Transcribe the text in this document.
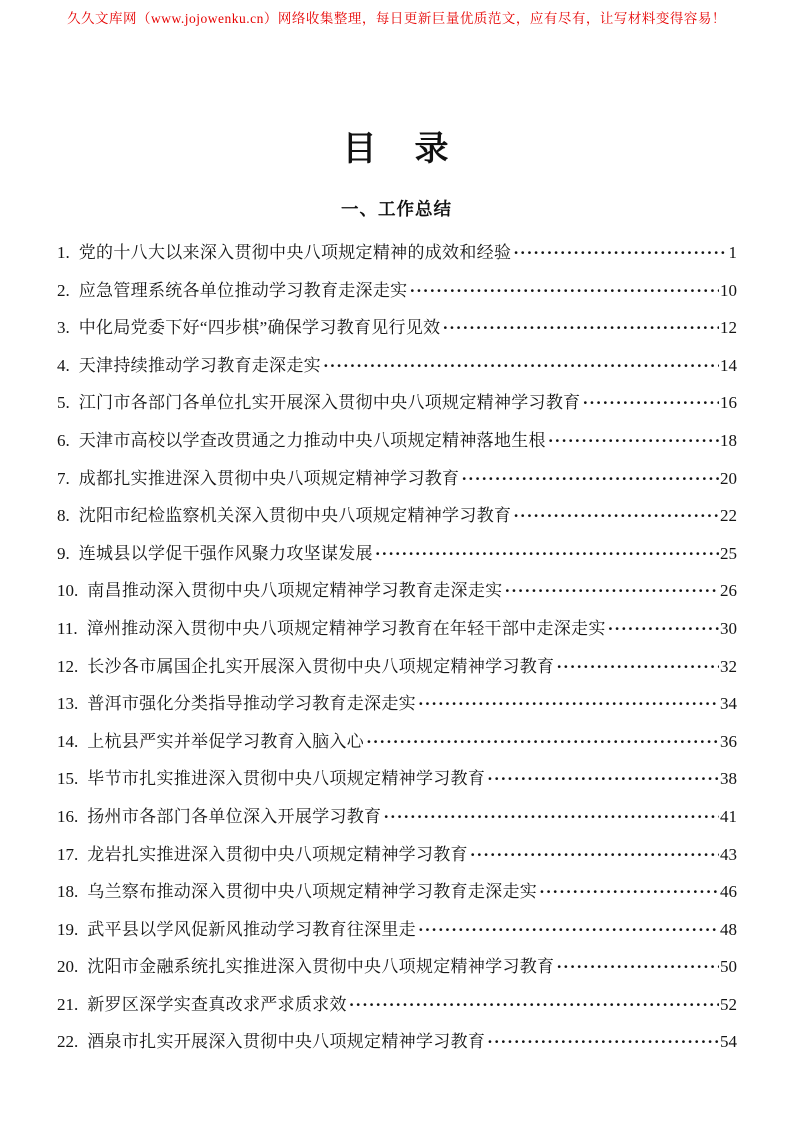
久久文库网（www.jojowenku.cn）网络收集整理，每日更新巨量优质范文，应有尽有，让写材料变得容易！
目　录
一、工作总结
1. 党的十八大以来深入贯彻中央八项规定精神的成效和经验 ·····	1
2. 应急管理系统各单位推动学习教育走深走实 ·····	10
3. 中化局党委下好“四步棋”确保学习教育见行见效 ·····	12
4. 天津持续推动学习教育走深走实 ·····	14
5. 江门市各部门各单位扎实开展深入贯彻中央八项规定精神学习教育 ·····	16
6. 天津市高校以学查改贯通之力推动中央八项规定精神落地生根 ·····	18
7. 成都扎实推进深入贯彻中央八项规定精神学习教育 ·····	20
8. 沈阳市纪检监察机关深入贯彻中央八项规定精神学习教育 ·····	22
9. 连城县以学促干强作风聚力攻坚谋发展 ·····	25
10. 南昌推动深入贯彻中央八项规定精神学习教育走深走实 ·····	26
11. 漳州推动深入贯彻中央八项规定精神学习教育在年轻干部中走深走实 ·····	30
12. 长沙各市属国企扎实开展深入贯彻中央八项规定精神学习教育 ·····	32
13. 普洱市强化分类指导推动学习教育走深走实 ·····	34
14. 上杭县严实并举促学习教育入脑入心 ·····	36
15. 毕节市扎实推进深入贯彻中央八项规定精神学习教育 ·····	38
16. 扬州市各部门各单位深入开展学习教育 ·····	41
17. 龙岩扎实推进深入贯彻中央八项规定精神学习教育 ·····	43
18. 乌兰察布推动深入贯彻中央八项规定精神学习教育走深走实 ·····	46
19. 武平县以学风促新风推动学习教育往深里走 ·····	48
20. 沈阳市金融系统扎实推进深入贯彻中央八项规定精神学习教育 ·····	50
21. 新罗区深学实查真改求严求质求效 ·····	52
22. 酒泉市扎实开展深入贯彻中央八项规定精神学习教育 ·····	54
